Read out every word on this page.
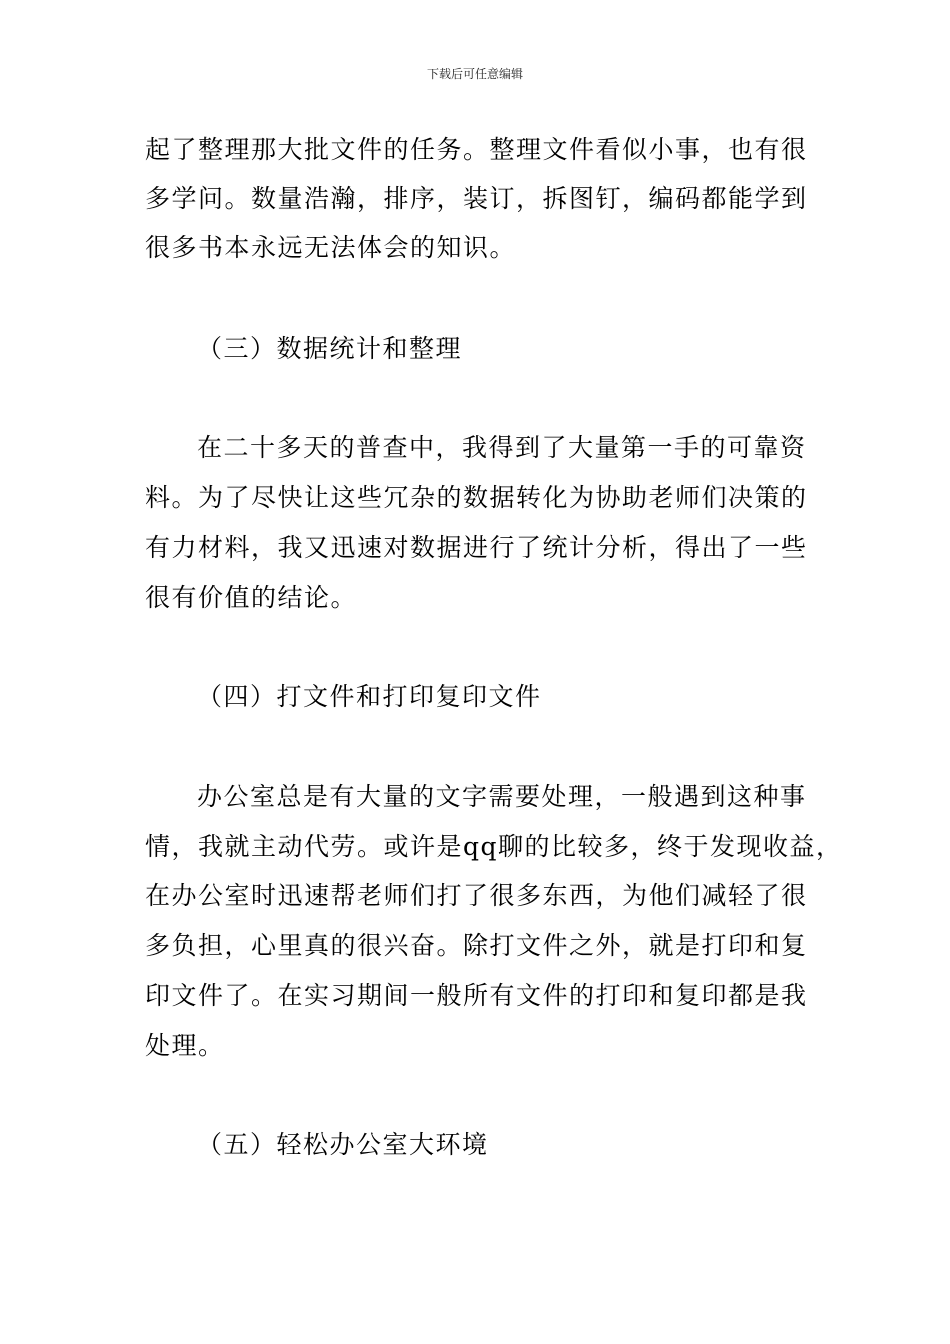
下载后可任意编辑
起了整理那大批文件的任务。整理文件看似小事，也有很
多学问。数量浩瀚，排序，装订，拆图钉，编码都能学到
很多书本永远无法体会的知识。
（三）数据统计和整理
在二十多天的普查中，我得到了大量第一手的可靠资
料。为了尽快让这些冗杂的数据转化为协助老师们决策的
有力材料，我又迅速对数据进行了统计分析，得出了一些
很有价值的结论。
（四）打文件和打印复印文件
办公室总是有大量的文字需要处理，一般遇到这种事
情，我就主动代劳。或许是qq聊的比较多，终于发现收益，
在办公室时迅速帮老师们打了很多东西，为他们减轻了很
多负担，心里真的很兴奋。除打文件之外，就是打印和复
印文件了。在实习期间一般所有文件的打印和复印都是我
处理。
（五）轻松办公室大环境
